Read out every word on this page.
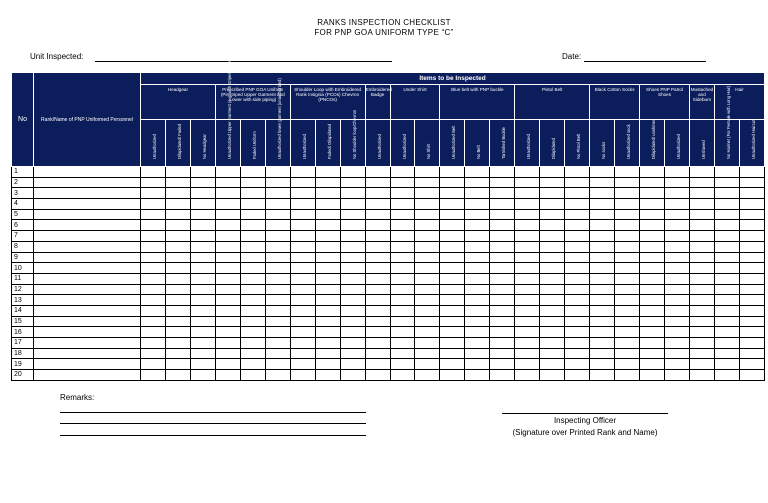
RANKS INSPECTION CHECKLIST
FOR PNP GOA UNIFORM TYPE “C”
Unit Inspected:	Date:
No	Rank/Name of PNP Uniformed Personnel	Items to be Inspected																								
		Headgear			Prescribed PNP GOA Uniform (Pinstriped Upper Garment and Lower with side piping)			Shoulder Loop with Embroidered Rank Insignia (PCOs) Chevron (PNCOs)			Embroidered Badge	Under Shirt		Blue belt with PNP buckle			Pistol Belt			Black Cotton Socks		Shoes PNP Patrol Shoes		Mustached and Sideburn	Hair	

		Unauthorized	Dilapidated/ Faded	No Headgear	Unauthorized Upper Garment (e.g. with stripes/ different color/ unauthorized)	Faded Uniform	Unauthorized lower garment (unauthorized)	Unauthorized	Faded/ Dilapidated	No Shoulder loop/Chevron	Unauthorized	Unauthorized	No Shirt	Unauthorized Belt	No Belt	Tarnished Buckle	Unauthorized	Dilapidated	No Pistol Belt	No socks	Unauthorized sock	Dilapidated/ unshined	Unauthorized	Unshaved	No Hairnet (For Female with Long Hair)	Unauthorized Haircut

1																										
2																										
3																										
4																										
5																										
6																										
7																										
8																										
9																										
10																										
11																										
12																										
13																										
14																										
15																										
16																										
17																										
18																										
19																										
20																										
Remarks:
Inspecting Officer
(Signature over Printed Rank and Name)
